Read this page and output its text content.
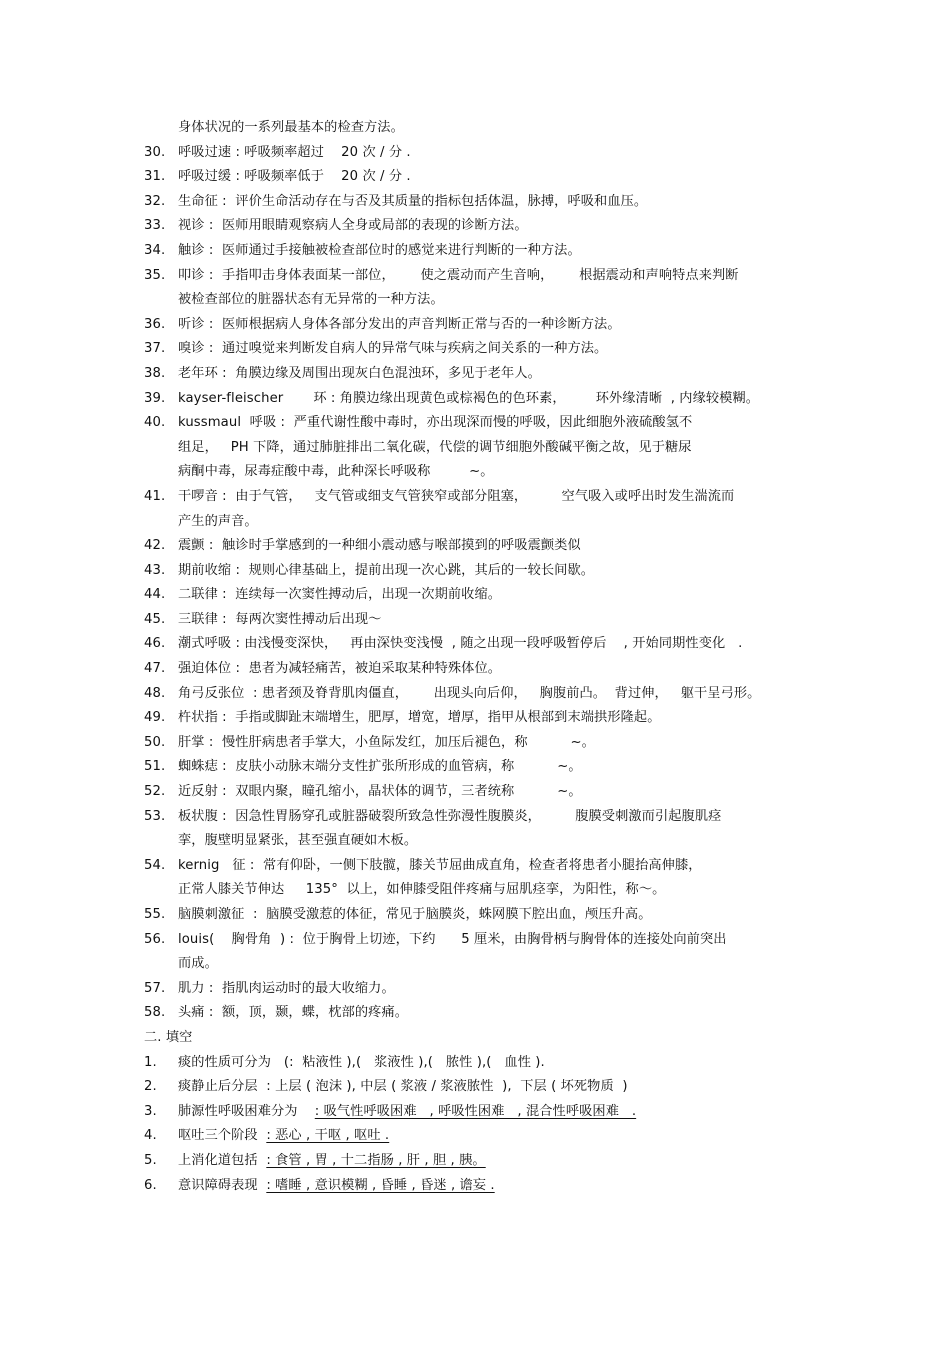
身体状况的一系列最基本的检查方法。
30. 呼吸过速 : 呼吸频率超过    20 次 / 分 .
31. 呼吸过缓 : 呼吸频率低于    20 次 / 分 .
32. 生命征 :  评价生命活动存在与否及其质量的指标包括体温，脉搏，呼吸和血压。
33. 视诊 :  医师用眼睛观察病人全身或局部的表现的诊断方法。
34. 触诊 :  医师通过手接触被检查部位时的感觉来进行判断的一种方法。
35. 叩诊 :  手指叩击身体表面某一部位，      使之震动而产生音响，      根据震动和声响特点来判断
被检查部位的脏器状态有无异常的一种方法。
36. 听诊 :  医师根据病人身体各部分发出的声音判断正常与否的一种诊断方法。
37. 嗅诊 :  通过嗅觉来判断发自病人的异常气味与疾病之间关系的一种方法。
38. 老年环 :  角膜边缘及周围出现灰白色混浊环，多见于老年人。
39. kayser-fleischer       环 : 角膜边缘出现黄色或棕褐色的色环素，       环外缘清晰  , 内缘较模糊。
40. kussmaul  呼吸 :  严重代谢性酸中毒时，亦出现深而慢的呼吸，因此细胞外液硫酸氢不
组足，   PH 下降，通过肺脏排出二氧化碳，代偿的调节细胞外酸碱平衡之故，见于糖尿
病酮中毒，尿毒症酸中毒，此种深长呼吸称         ~。
41. 干啰音 :  由于气管，   支气管或细支气管狭窄或部分阻塞，        空气吸入或呼出时发生湍流而
产生的声音。
42. 震颤 :  触诊时手掌感到的一种细小震动感与喉部摸到的呼吸震颤类似
43. 期前收缩 :  规则心律基础上，提前出现一次心跳，其后的一较长间歇。
44. 二联律 :  连续每一次窦性搏动后，出现一次期前收缩。
45. 三联律 :  每两次窦性搏动后出现～
46. 潮式呼吸 : 由浅慢变深快，   再由深快变浅慢  , 随之出现一段呼吸暂停后    , 开始同期性变化   .
47. 强迫体位 :  患者为减轻痛苦，被迫采取某种特殊体位。
48. 角弓反张位  : 患者颈及脊背肌肉僵直，      出现头向后仰，   胸腹前凸。  背过伸，   躯干呈弓形。
49. 杵状指 :  手指或脚趾末端增生，肥厚，增宽，增厚，指甲从根部到末端拱形隆起。
50. 肝掌 :  慢性肝病患者手掌大，小鱼际发红，加压后褪色，称          ~。
51. 蜘蛛痣 :  皮肤小动脉末端分支性扩张所形成的血管病，称          ~。
52. 近反射 :  双眼内聚，瞳孔缩小，晶状体的调节，三者统称          ~。
53. 板状腹 :  因急性胃肠穿孔或脏器破裂所致急性弥漫性腹膜炎，        腹膜受刺激而引起腹肌痉
挛，腹壁明显紧张，甚至强直硬如木板。
54. kernig   征 :  常有仰卧，一侧下肢髋，膝关节屈曲成直角，检查者将患者小腿抬高伸膝，
正常人膝关节伸达     135°  以上，如伸膝受阻伴疼痛与屈肌痉挛，为阳性，称～。
55. 脑膜刺激征  :  脑膜受激惹的体征，常见于脑膜炎，蛛网膜下腔出血，颅压升高。
56. louis(    胸骨角  ) :  位于胸骨上切迹，下约      5 厘米，由胸骨柄与胸骨体的连接处向前突出
而成。
57. 肌力 :  指肌肉运动时的最大收缩力。
58. 头痛 :  额，顶，颞，蝶，枕部的疼痛。
二. 填空
1. 痰的性质可分为   (:  粘液性 ),(   浆液性 ),(   脓性 ),(   血性 ).
2. 痰静止后分层  : 上层 ( 泡沫 ), 中层 ( 浆液 / 浆液脓性  ),  下层 ( 坏死物质  )
3. 肺源性呼吸困难分为    : 吸气性呼吸困难   , 呼吸性困难   , 混合性呼吸困难   .
4. 呕吐三个阶段  : 恶心 , 干呕 , 呕吐 .
5. 上消化道包括  : 食管 , 胃 , 十二指肠 , 肝 , 胆 , 胰。
6. 意识障碍表现  : 嗜睡 , 意识模糊 , 昏睡 , 昏迷 , 谵妄 .
